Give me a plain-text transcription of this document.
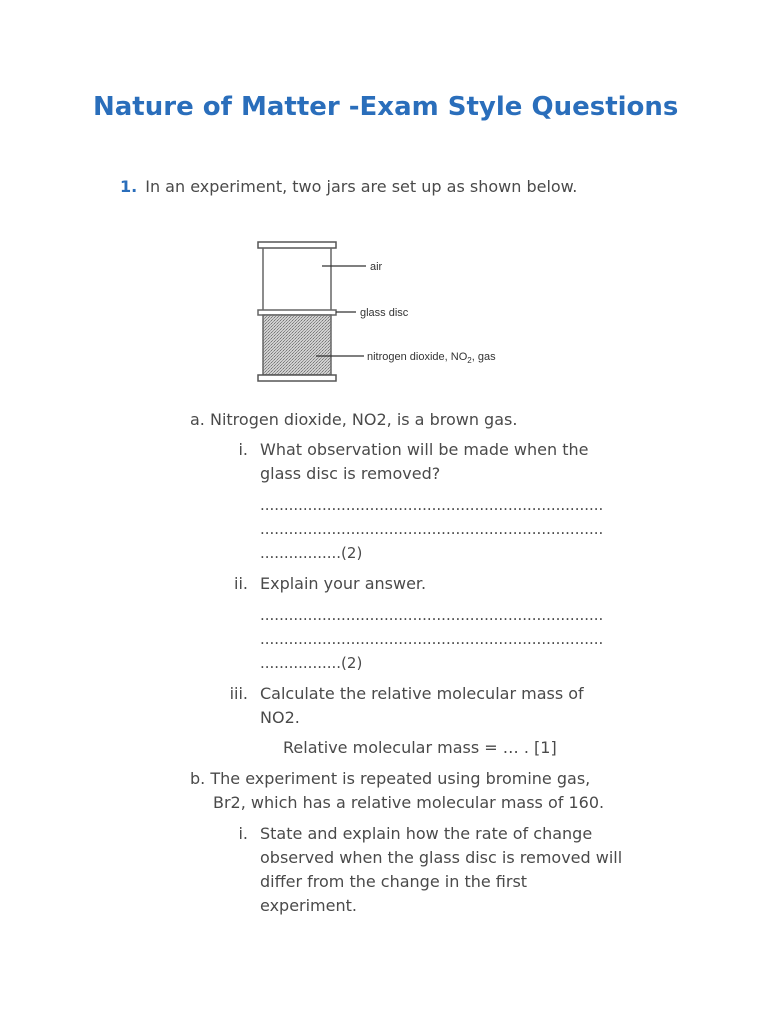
Nature of Matter -Exam Style Questions
1. In an experiment, two jars are set up as shown below.
air
glass disc
nitrogen dioxide, $NO_2$, gas
a. Nitrogen dioxide, NO2, is a brown gas.
i. What observation will be made when the
glass disc is removed?
........................................................................
........................................................................
.................(2)
ii. Explain your answer.
........................................................................
........................................................................
.................(2)
iii. Calculate the relative molecular mass of
NO2.
Relative molecular mass = … . [1]
b. The experiment is repeated using bromine gas,
Br2, which has a relative molecular mass of 160.
i. State and explain how the rate of change
observed when the glass disc is removed will
differ from the change in the first
experiment.
